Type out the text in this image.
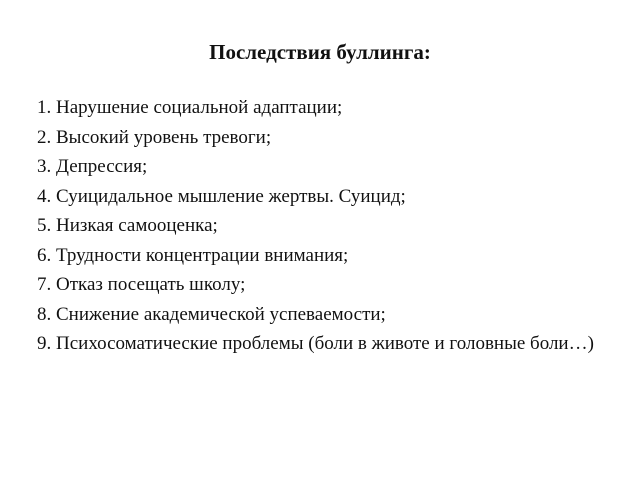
Последствия буллинга:
1. Нарушение социальной адаптации;
2. Высокий уровень тревоги;
3. Депрессия;
4. Суицидальное мышление жертвы. Суицид;
5. Низкая самооценка;
6. Трудности концентрации внимания;
7. Отказ посещать школу;
8. Снижение академической успеваемости;
9. Психосоматические проблемы (боли в животе и головные боли…)
